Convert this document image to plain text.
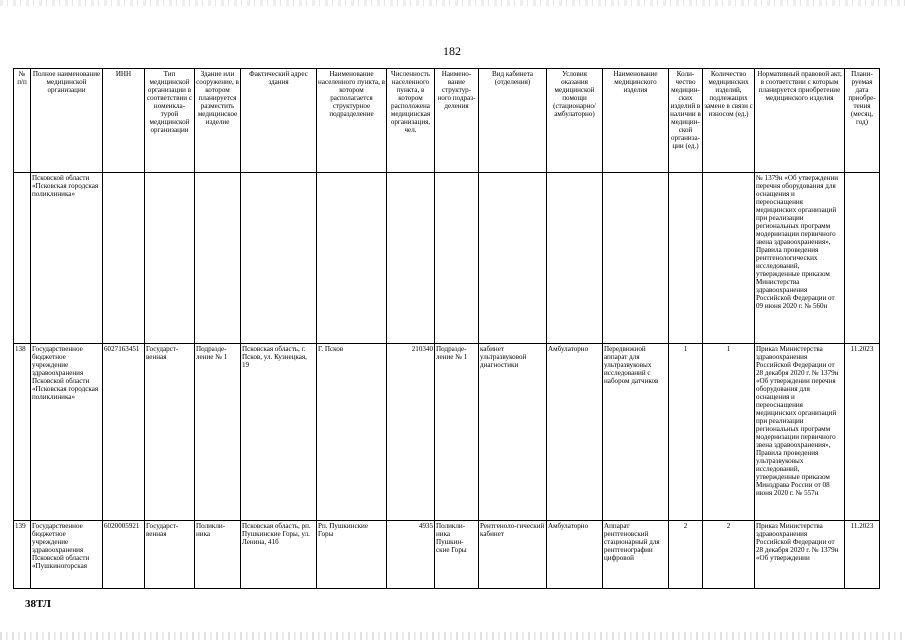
182
№ п/п	Полное наименование медицинской организации	ИНН	Тип медицинской организации в соответствии с номенкла-турой медицинской организации	Здание или сооружение, в котором планируется разместить медицинское изделие	Фактический адрес здания	Наименование населенного пункта, в котором располагается структурное подразделение	Численность населенного пункта, в котором расположена медицинская организация, чел.	Наимено-вание структур-ного подраз-деления	Вид кабинета (отделения)	Условия оказания медицинской помощи (стационарно/ амбулаторно)	Наименование медицинского изделия	Коли-чество медицин-ских изделий в наличии в медицин-ской организа-ции (ед.)	Количество медицинских изделий, подлежащих замене в связи с износом (ед.)	Нормативный правовой акт, в соответствии с которым планируется приобретение медицинского изделия	Плани-руемая дата приобре-тения (месяц, год)
	Псковской области «Псковская городская поликлиника»													№ 1379н «Об утверждении перечня оборудования для оснащения и переоснащения медицинских организаций при реализации региональных программ модернизации первичного звена здравоохранения», Правила проведения рентгенологических исследований, утвержденные приказом Министерства здравоохранения Российской Федерации от 09 июня 2020 г. № 560н	
138	Государственное бюджетное учреждение здравоохранения Псковской области «Псковская городская поликлиника»	6027163451	Государст-венная	Подразде-ление № 1	Псковская область, г. Псков, ул. Кузнецкая, 19	Г. Псков	210340	Подразде-ление № 1	кабинет ультразвуковой диагностики	Амбулаторно	Передвижной аппарат для ультразвуковых исследований с набором датчиков	1	1	Приказ Министерства здравоохранения Российской Федерации от 28 декабря 2020 г. № 1379н «Об утверждении перечня оборудования для оснащения и переоснащения медицинских организаций при реализации региональных программ модернизации первичного звена здравоохранения», Правила проведения ультразвуковых исследований, утвержденные приказом Минздрава России от 08 июня 2020 г. № 557н	11.2023
139	Государственное бюджетное учреждение здравоохранения Псковской области «Пушкиногорская	6020005921	Государст-венная	Поликли-ника	Псковская область, рп. Пушкинские Горы, ул. Ленина, 41б	Рп. Пушкинские Горы	4935	Поликли-ника Пушкин-ские Горы	Рентгеноло-гический кабинет	Амбулаторно	Аппарат рентгеновский стационарный для рентгенографии цифровой	2	2	Приказ Министерства здравоохранения Российской Федерации от 28 декабря 2020 г. № 1379н «Об утверждении	11.2023
38ТЛ
